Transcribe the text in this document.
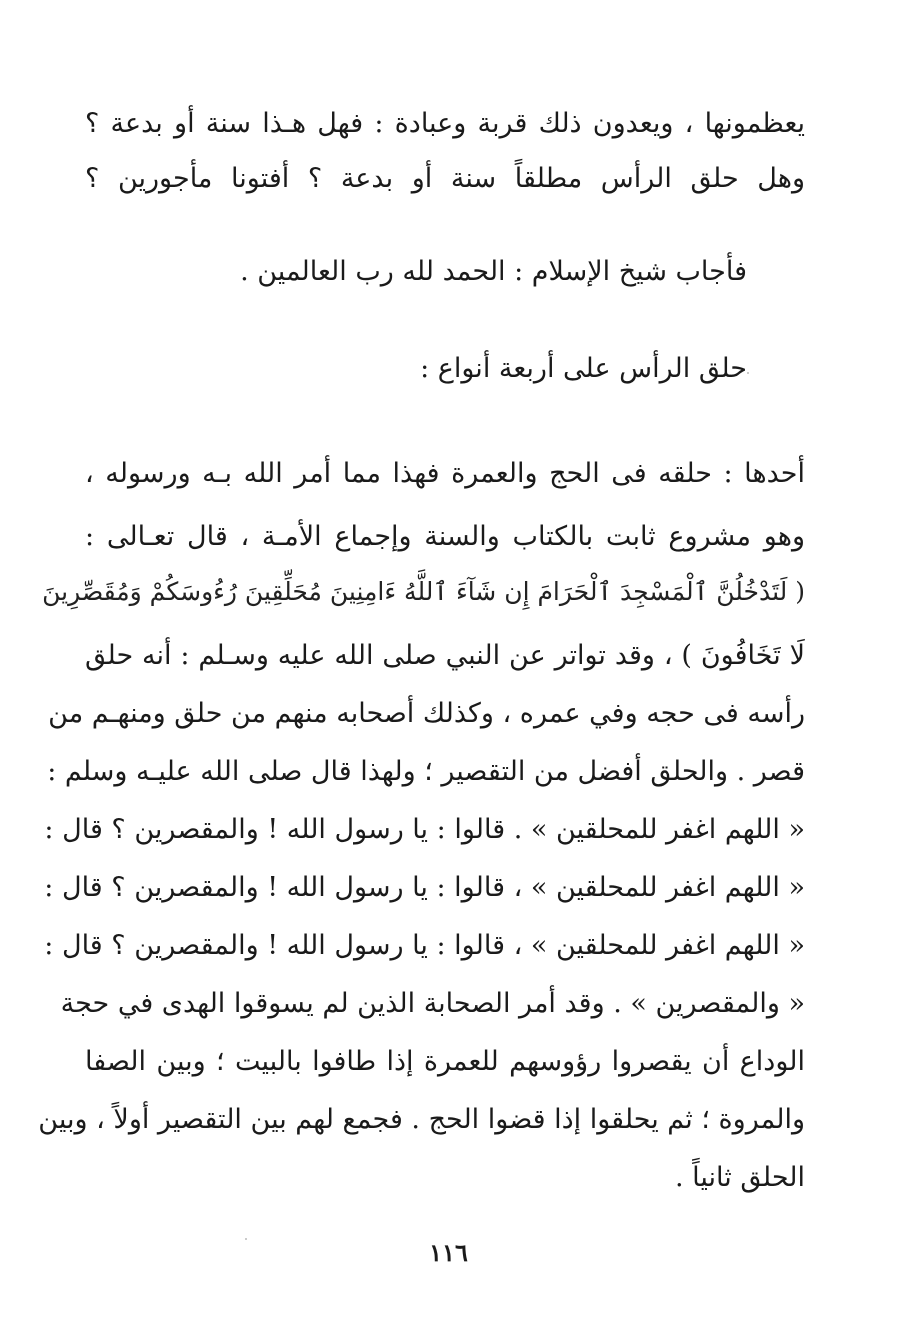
يعظمونها ، ويعدون ذلك قربة وعبادة : فهل هـذا سنة أو بدعة ؟
وهل حلق الرأس مطلقاً سنة أو بدعة ؟ أفتونا مأجورين ؟
فأجاب شيخ الإسلام : الحمد لله رب العالمين .
حلق الرأس على أربعة أنواع :
أحدها : حلقه فى الحج والعمرة فهذا مما أمر الله بـه ورسوله ،
وهو مشروع ثابت بالكتاب والسنة وإجماع الأمـة ، قال تعـالى :
( لَتَدْخُلُنَّ ٱلْمَسْجِدَ ٱلْحَرَامَ إِن شَآءَ ٱللَّهُ ءَامِنِينَ مُحَلِّقِينَ رُءُوسَكُمْ وَمُقَصِّرِينَ
لَا تَخَافُونَ ) ، وقد تواتر عن النبي صلى الله عليه وسـلم : أنه حلق
رأسه فى حجه وفي عمره ، وكذلك أصحابه منهم من حلق ومنهـم من
قصر . والحلق أفضل من التقصير ؛ ولهذا قال صلى الله عليـه وسلم :
« اللهم اغفر للمحلقين » . قالوا : يا رسول الله ! والمقصرين ؟ قال :
« اللهم اغفر للمحلقين » ، قالوا : يا رسول الله ! والمقصرين ؟ قال :
« اللهم اغفر للمحلقين » ، قالوا : يا رسول الله ! والمقصرين ؟ قال :
« والمقصرين » . وقد أمر الصحابة الذين لم يسوقوا الهدى في حجة
الوداع أن يقصروا رؤوسهم للعمرة إذا طافوا بالبيت ؛ وبين الصفا
والمروة ؛ ثم يحلقوا إذا قضوا الحج . فجمع لهم بين التقصير أولاً ، وبين
الحلق ثانياً .
١١٦
